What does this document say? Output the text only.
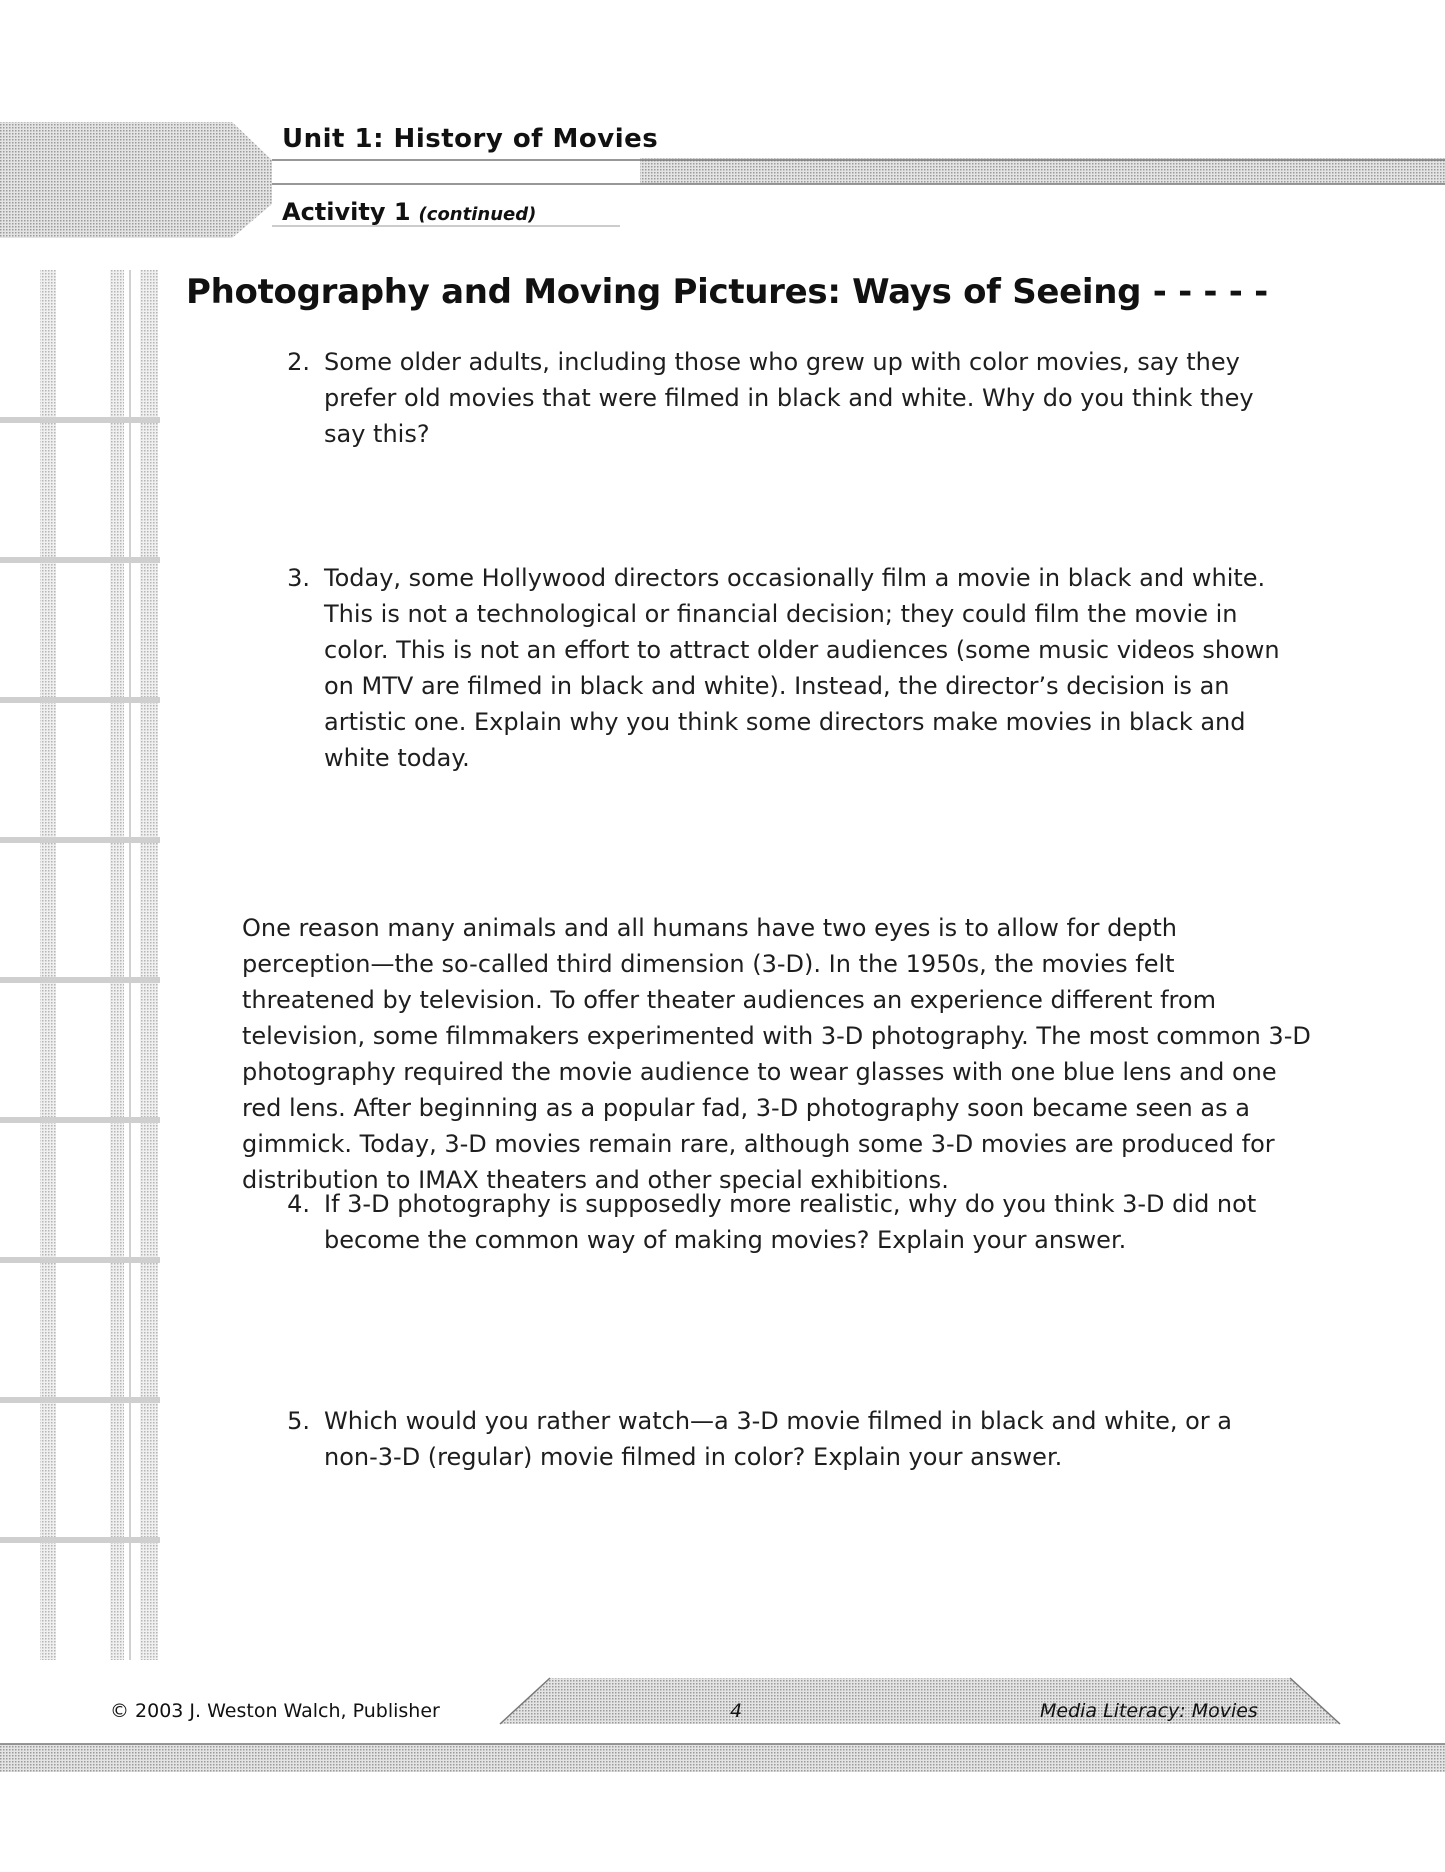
Unit 1: History of Movies
Activity 1 (continued)
Photography and Moving Pictures: Ways of Seeing - - - - -
2. Some older adults, including those who grew up with color movies, say they prefer old movies that were filmed in black and white. Why do you think they say this?
3. Today, some Hollywood directors occasionally film a movie in black and white. This is not a technological or financial decision; they could film the movie in color. This is not an effort to attract older audiences (some music videos shown on MTV are filmed in black and white). Instead, the director’s decision is an artistic one. Explain why you think some directors make movies in black and white today.
One reason many animals and all humans have two eyes is to allow for depth perception—the so-called third dimension (3-D). In the 1950s, the movies felt threatened by television. To offer theater audiences an experience different from television, some filmmakers experimented with 3-D photography. The most common 3-D photography required the movie audience to wear glasses with one blue lens and one red lens. After beginning as a popular fad, 3-D photography soon became seen as a gimmick. Today, 3-D movies remain rare, although some 3-D movies are produced for distribution to IMAX theaters and other special exhibitions.
4. If 3-D photography is supposedly more realistic, why do you think 3-D did not become the common way of making movies? Explain your answer.
5. Which would you rather watch—a 3-D movie filmed in black and white, or a non-3-D (regular) movie filmed in color? Explain your answer.
© 2003 J. Weston Walch, Publisher	4	Media Literacy: Movies
